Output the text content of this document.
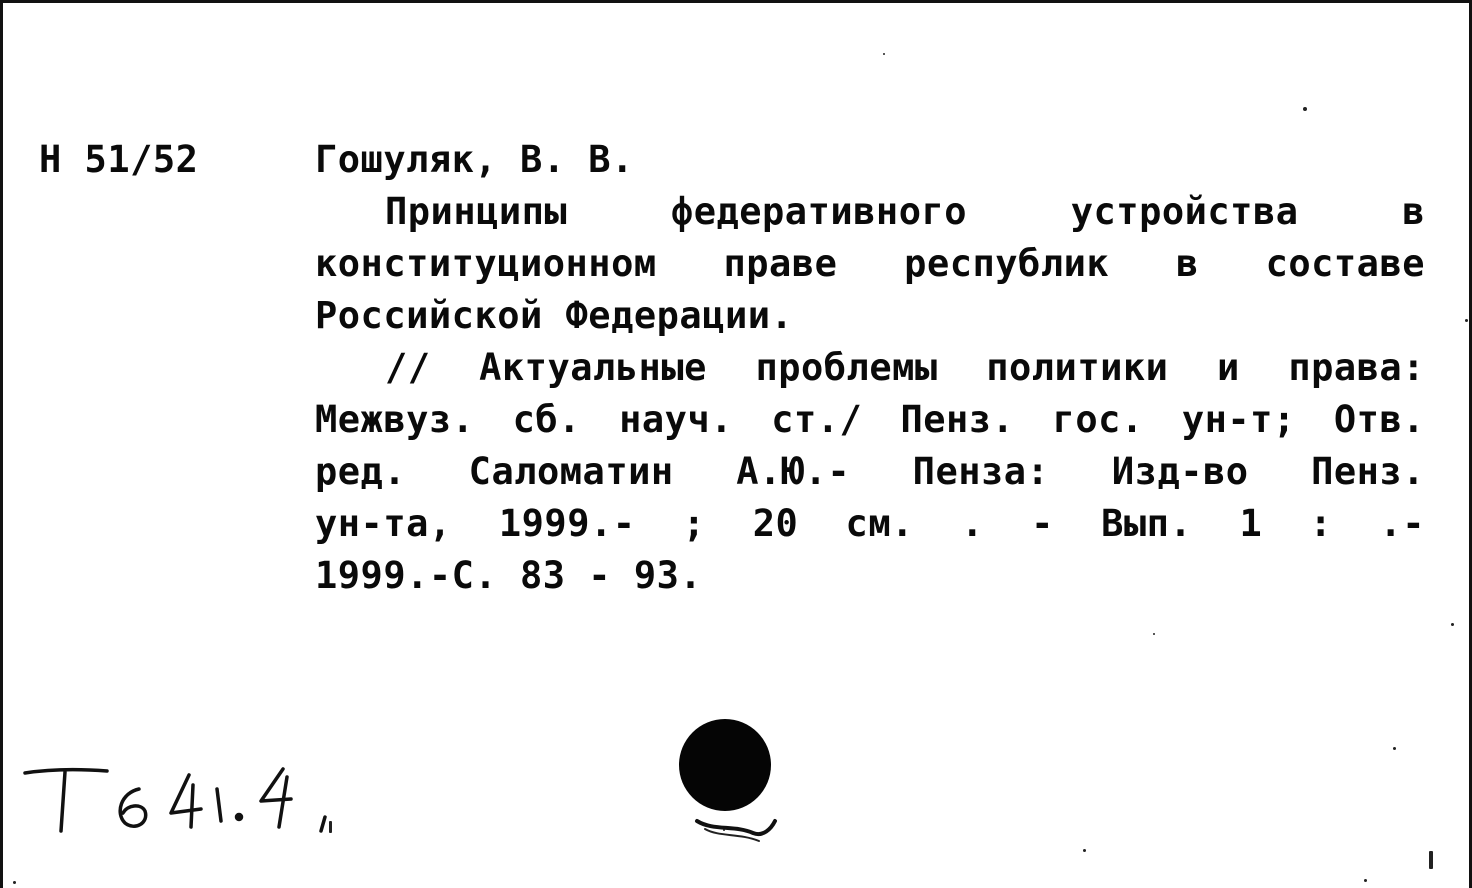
Н 51/52	Гошуляк, В. В.
Принципы федеративного устройства в
конституционном праве республик в составе
Российской Федерации.
// Актуальные проблемы политики и права:
Межвуз. сб. науч. ст./ Пенз. гос. ун-т; Отв.
ред. Саломатин А.Ю.- Пенза: Изд-во Пенз.
ун-та, 1999.- ; 20 см. . - Вып. 1 : .-
1999.-С. 83 - 93.
